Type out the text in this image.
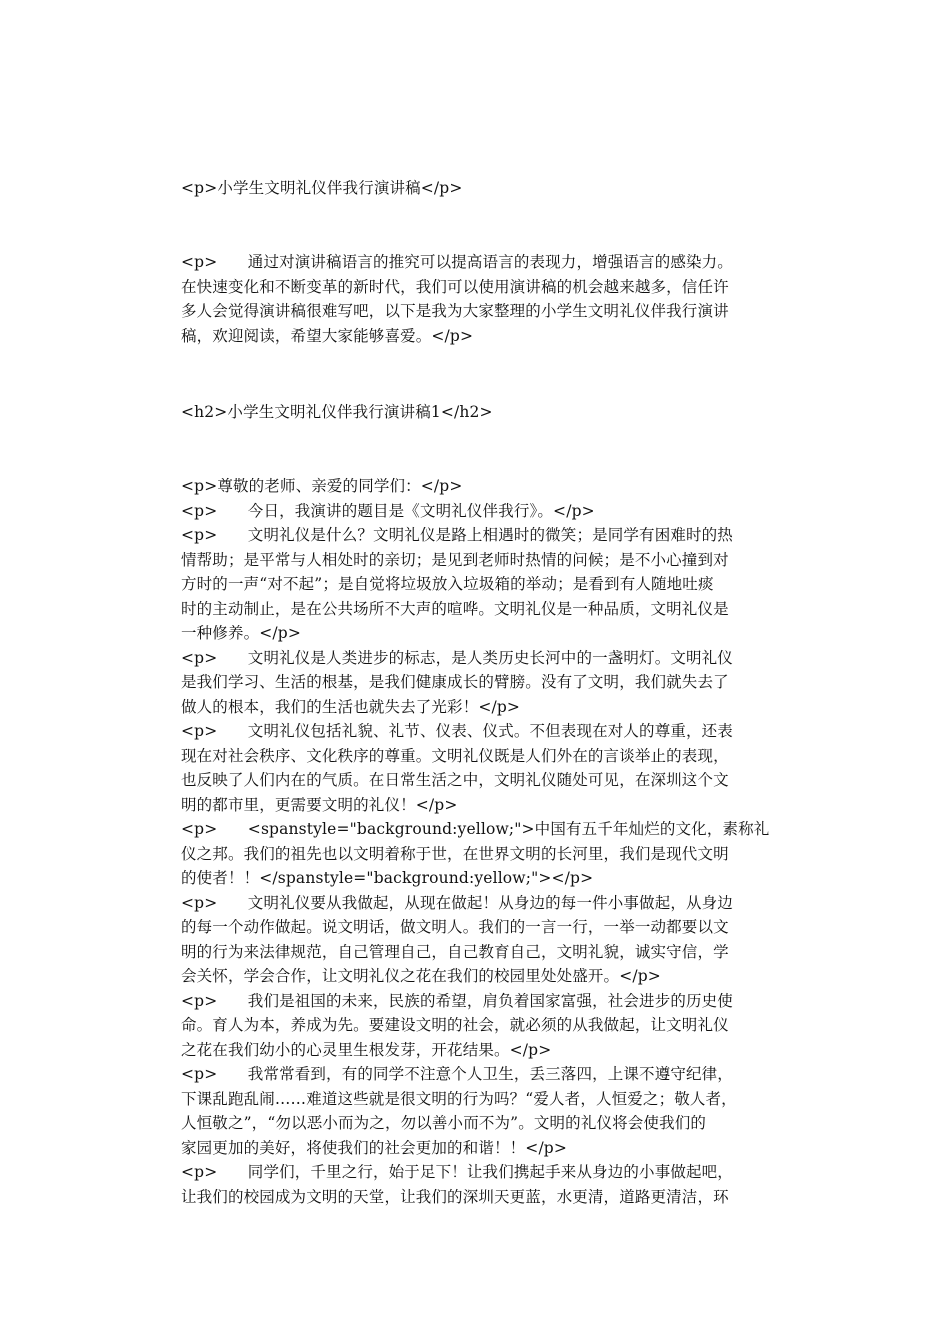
<p>小学生文明礼仪伴我行演讲稿</p>
<p>      通过对演讲稿语言的推究可以提高语言的表现力，增强语言的感染力。
在快速变化和不断变革的新时代，我们可以使用演讲稿的机会越来越多，信任许
多人会觉得演讲稿很难写吧，以下是我为大家整理的小学生文明礼仪伴我行演讲
稿，欢迎阅读，希望大家能够喜爱。</p>
<h2>小学生文明礼仪伴我行演讲稿1</h2>
<p>尊敬的老师、亲爱的同学们：</p>
<p>      今日，我演讲的题目是《文明礼仪伴我行》。</p>
<p>      文明礼仪是什么？文明礼仪是路上相遇时的微笑；是同学有困难时的热
情帮助；是平常与人相处时的亲切；是见到老师时热情的问候；是不小心撞到对
方时的一声“对不起”；是自觉将垃圾放入垃圾箱的举动；是看到有人随地吐痰
时的主动制止，是在公共场所不大声的喧哗。文明礼仪是一种品质，文明礼仪是
一种修养。</p>
<p>      文明礼仪是人类进步的标志，是人类历史长河中的一盏明灯。文明礼仪
是我们学习、生活的根基，是我们健康成长的臂膀。没有了文明，我们就失去了
做人的根本，我们的生活也就失去了光彩！</p>
<p>      文明礼仪包括礼貌、礼节、仪表、仪式。不但表现在对人的尊重，还表
现在对社会秩序、文化秩序的尊重。文明礼仪既是人们外在的言谈举止的表现，
也反映了人们内在的气质。在日常生活之中，文明礼仪随处可见，在深圳这个文
明的都市里，更需要文明的礼仪！</p>
<p>      <spanstyle="background:yellow;">中国有五千年灿烂的文化，素称礼
仪之邦。我们的祖先也以文明着称于世，在世界文明的长河里，我们是现代文明
的使者！！</spanstyle="background:yellow;"></p>
<p>      文明礼仪要从我做起，从现在做起！从身边的每一件小事做起，从身边
的每一个动作做起。说文明话，做文明人。我们的一言一行，一举一动都要以文
明的行为来法律规范，自己管理自己，自己教育自己，文明礼貌，诚实守信，学
会关怀，学会合作，让文明礼仪之花在我们的校园里处处盛开。</p>
<p>      我们是祖国的未来，民族的希望，肩负着国家富强，社会进步的历史使
命。育人为本，养成为先。要建设文明的社会，就必须的从我做起，让文明礼仪
之花在我们幼小的心灵里生根发芽，开花结果。</p>
<p>      我常常看到，有的同学不注意个人卫生，丢三落四，上课不遵守纪律，
下课乱跑乱闹……难道这些就是很文明的行为吗？“爱人者，人恒爱之；敬人者，
人恒敬之”，“勿以恶小而为之，勿以善小而不为”。文明的礼仪将会使我们的
家园更加的美好，将使我们的社会更加的和谐！！</p>
<p>      同学们，千里之行，始于足下！让我们携起手来从身边的小事做起吧，
让我们的校园成为文明的天堂，让我们的深圳天更蓝，水更清，道路更清洁，环
